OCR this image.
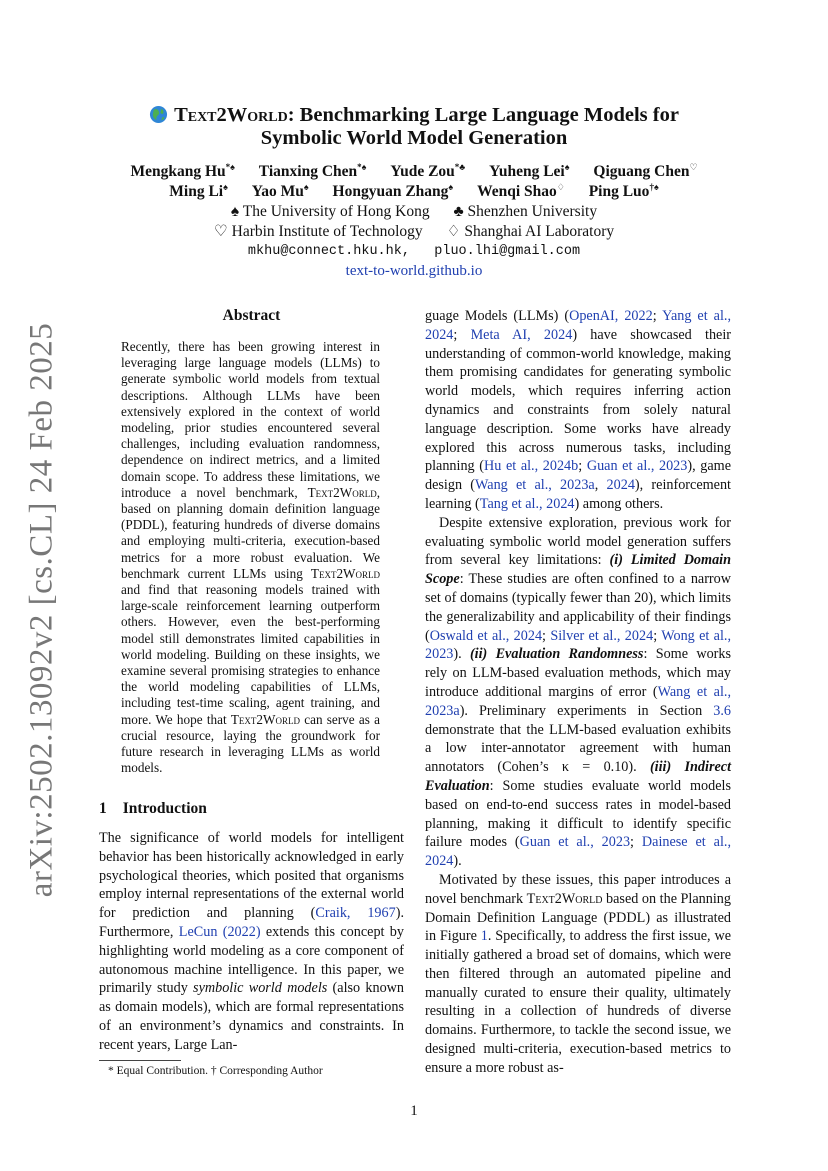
arXiv:2502.13092v2 [cs.CL] 24 Feb 2025
Text2World: Benchmarking Large Language Models for
Symbolic World Model Generation
Mengkang Hu*♠ Tianxing Chen*♠ Yude Zou*♣ Yuheng Lei♠ Qiguang Chen♡
Ming Li♠ Yao Mu♠ Hongyuan Zhang♠ Wenqi Shao♢ Ping Luo†♠
♠ The University of Hong Kong ♣ Shenzhen University
♡ Harbin Institute of Technology ♢ Shanghai AI Laboratory
mkhu@connect.hku.hk,   pluo.lhi@gmail.com
text-to-world.github.io
Abstract
Recently, there has been growing interest in leveraging large language models (LLMs) to generate symbolic world models from textual descriptions. Although LLMs have been extensively explored in the context of world modeling, prior studies encountered several challenges, including evaluation randomness, dependence on indirect metrics, and a limited domain scope. To address these limitations, we introduce a novel benchmark, Text2World, based on planning domain definition language (PDDL), featuring hundreds of diverse domains and employing multi-criteria, execution-based metrics for a more robust evaluation. We benchmark current LLMs using Text2World and find that reasoning models trained with large-scale reinforcement learning outperform others. However, even the best-performing model still demonstrates limited capabilities in world modeling. Building on these insights, we examine several promising strategies to enhance the world modeling capabilities of LLMs, including test-time scaling, agent training, and more. We hope that Text2World can serve as a crucial resource, laying the groundwork for future research in leveraging LLMs as world models.
1 Introduction
The significance of world models for intelligent behavior has been historically acknowledged in early psychological theories, which posited that organisms employ internal representations of the external world for prediction and planning (Craik, 1967). Furthermore, LeCun (2022) extends this concept by highlighting world modeling as a core component of autonomous machine intelligence. In this paper, we primarily study symbolic world models (also known as domain models), which are formal representations of an environment’s dynamics and constraints. In recent years, Large Lan-

guage Models (LLMs) (OpenAI, 2022; Yang et al., 2024; Meta AI, 2024) have showcased their understanding of common-world knowledge, making them promising candidates for generating symbolic world models, which requires inferring action dynamics and constraints from solely natural language description. Some works have already explored this across numerous tasks, including planning (Hu et al., 2024b; Guan et al., 2023), game design (Wang et al., 2023a, 2024), reinforcement learning (Tang et al., 2024) among others.

Despite extensive exploration, previous work for evaluating symbolic world model generation suffers from several key limitations: (i) Limited Domain Scope: These studies are often confined to a narrow set of domains (typically fewer than 20), which limits the generalizability and applicability of their findings (Oswald et al., 2024; Silver et al., 2024; Wong et al., 2023). (ii) Evaluation Randomness: Some works rely on LLM-based evaluation methods, which may introduce additional margins of error (Wang et al., 2023a). Preliminary experiments in Section 3.6 demonstrate that the LLM-based evaluation exhibits a low inter-annotator agreement with human annotators (Cohen’s κ = 0.10). (iii) Indirect Evaluation: Some studies evaluate world models based on end-to-end success rates in model-based planning, making it difficult to identify specific failure modes (Guan et al., 2023; Dainese et al., 2024).

Motivated by these issues, this paper introduces a novel benchmark Text2World based on the Planning Domain Definition Language (PDDL) as illustrated in Figure 1. Specifically, to address the first issue, we initially gathered a broad set of domains, which were then filtered through an automated pipeline and manually curated to ensure their quality, ultimately resulting in a collection of hundreds of diverse domains. Furthermore, to tackle the second issue, we designed multi-criteria, execution-based metrics to ensure a more robust as-

* Equal Contribution. † Corresponding Author
1
